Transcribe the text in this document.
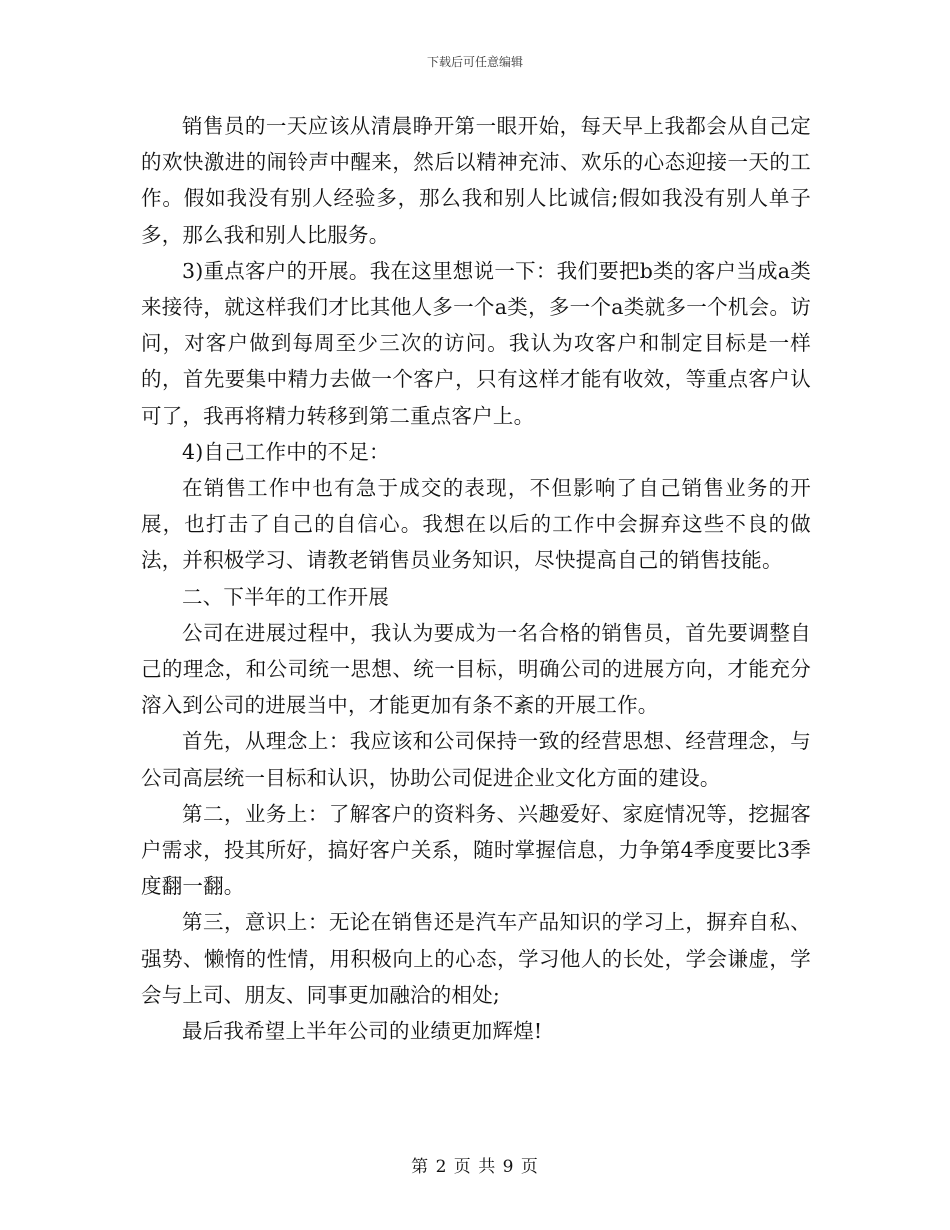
下载后可任意编辑

销售员的一天应该从清晨睁开第一眼开始，每天早上我都会从自己定的欢快激进的闹铃声中醒来，然后以精神充沛、欢乐的心态迎接一天的工作。假如我没有别人经验多，那么我和别人比诚信;假如我没有别人单子多，那么我和别人比服务。

3)重点客户的开展。我在这里想说一下：我们要把b类的客户当成a类来接待，就这样我们才比其他人多一个a类，多一个a类就多一个机会。访问，对客户做到每周至少三次的访问。我认为攻客户和制定目标是一样的，首先要集中精力去做一个客户，只有这样才能有收效，等重点客户认可了，我再将精力转移到第二重点客户上。

4)自己工作中的不足：

在销售工作中也有急于成交的表现，不但影响了自己销售业务的开展，也打击了自己的自信心。我想在以后的工作中会摒弃这些不良的做法，并积极学习、请教老销售员业务知识，尽快提高自己的销售技能。

二、下半年的工作开展

公司在进展过程中，我认为要成为一名合格的销售员，首先要调整自己的理念，和公司统一思想、统一目标，明确公司的进展方向，才能充分溶入到公司的进展当中，才能更加有条不紊的开展工作。

首先，从理念上：我应该和公司保持一致的经营思想、经营理念，与公司高层统一目标和认识，协助公司促进企业文化方面的建设。

第二，业务上：了解客户的资料务、兴趣爱好、家庭情况等，挖掘客户需求，投其所好，搞好客户关系，随时掌握信息，力争第4季度要比3季度翻一翻。

第三，意识上：无论在销售还是汽车产品知识的学习上，摒弃自私、强势、懒惰的性情，用积极向上的心态，学习他人的长处，学会谦虚，学会与上司、朋友、同事更加融洽的相处;

最后我希望上半年公司的业绩更加辉煌!

第 2 页 共 9 页
